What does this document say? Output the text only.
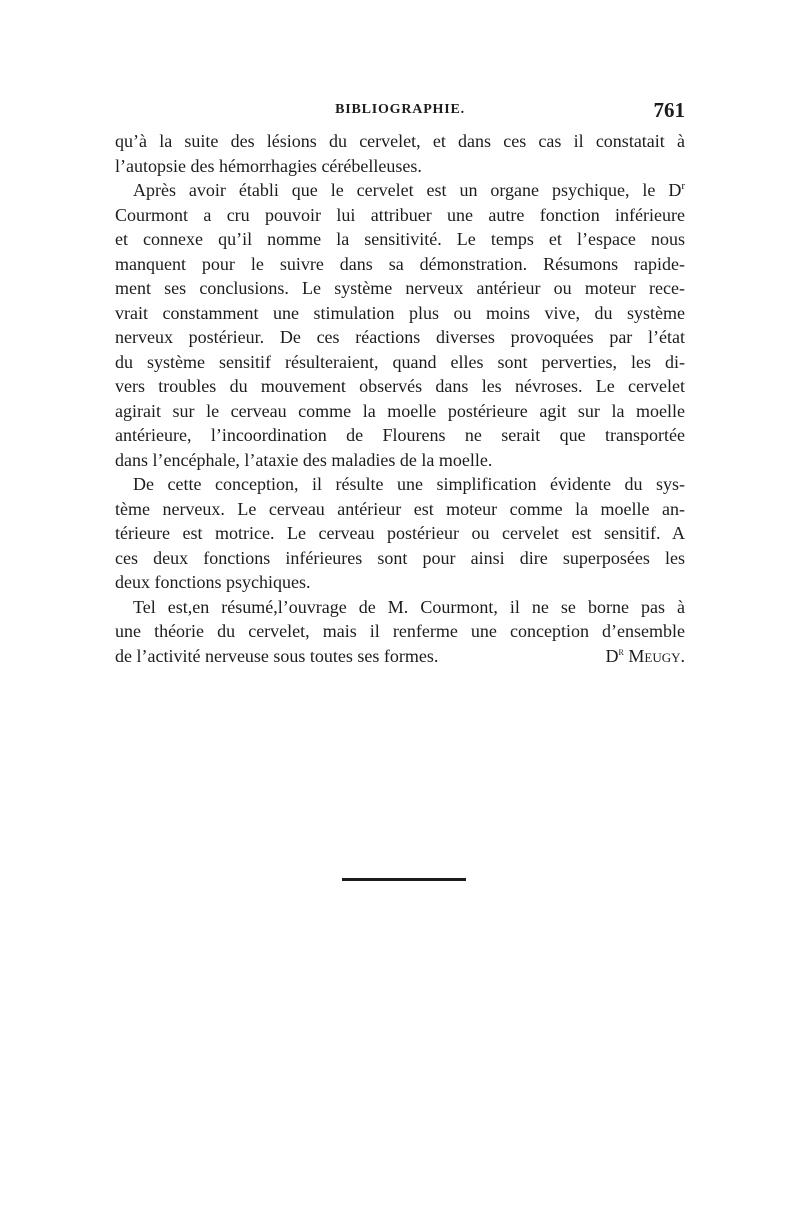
BIBLIOGRAPHIE.	761

qu’à la suite des lésions du cervelet, et dans ces cas il constatait à
l’autopsie des hémorrhagies cérébelleuses.

Après avoir établi que le cervelet est un organe psychique, le $D^r$
Courmont a cru pouvoir lui attribuer une autre fonction inférieure
et connexe qu’il nomme la sensitivité. Le temps et l’espace nous
manquent pour le suivre dans sa démonstration. Résumons rapide-
ment ses conclusions. Le système nerveux antérieur ou moteur rece-
vrait constamment une stimulation plus ou moins vive, du système
nerveux postérieur. De ces réactions diverses provoquées par l’état
du système sensitif résulteraient, quand elles sont perverties, les di-
vers troubles du mouvement observés dans les névroses. Le cervelet
agirait sur le cerveau comme la moelle postérieure agit sur la moelle
antérieure, l’incoordination de Flourens ne serait que transportée
dans l’encéphale, l’ataxie des maladies de la moelle.

De cette conception, il résulte une simplification évidente du sys-
tème nerveux. Le cerveau antérieur est moteur comme la moelle an-
térieure est motrice. Le cerveau postérieur ou cervelet est sensitif. A
ces deux fonctions inférieures sont pour ainsi dire superposées les
deux fonctions psychiques.

Tel est,en résumé,l’ouvrage de M. Courmont, il ne se borne pas à
une théorie du cervelet, mais il renferme une conception d’ensemble
de l’activité nerveuse sous toutes ses formes.	$D^r$ Meugy.
